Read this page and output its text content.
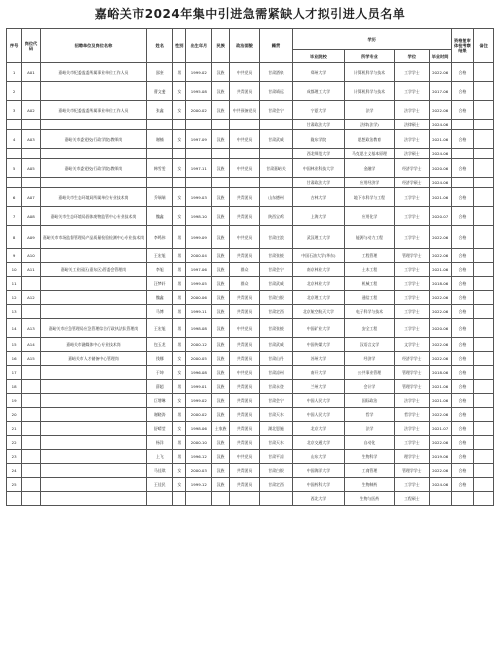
嘉峪关市2024年集中引进急需紧缺人才拟引进人员名单
序号	岗位代码	招聘单位及岗位名称	姓名	性别	出生年月	民族	政治面貌	籍贯	学历				资格复审体检考察结果	备注
									毕业院校	所学专业	学位	毕业时间		
1	A01	嘉峪关市纪委监委所属事业单位工作人员	邵奎	男	1999.02	汉族	中共党员	甘肃酒泉	郑州大学	计算机科学与技术	工学学士	2022.06	合格	
2			曹文斐	女	1995.08	汉族	共青团员	甘肃靖远	成都理工大学	计算机科学与技术	工学学士	2017.06	合格	
3	A02	嘉峪关市纪委监委所属事业单位工作人员	张鑫	女	2000.02	汉族	中共预备党员	甘肃会宁	宁夏大学	法学	法学学士	2022.06	合格	
									甘肃政法大学	法律(法学)	法律硕士	2024.06		
4	A03	嘉峪关市委党校(行政学院)教师岗	谢楠	女	1997.09	汉族	中共党员	甘肃武威	陇东学院	思想政治教育	法学学士	2021.06	合格	
									西北师范大学	马克思主义基本原理	法学硕士	2024.06		
5	A05	嘉峪关市委党校(行政学院)教师岗	韩雪雯	女	1997.11	汉族	中共党员	甘肃嘉峪关	中国林业科技大学	金融学	经济学学士	2020.06	合格	
									甘肃政法大学	应用经济学	经济学硕士	2024.06		
6	A07	嘉峪关市生态环境局所属单位专业技术岗	乔瑞瑞	女	1999.03	汉族	共青团员	山东德州	吉林大学	地下水科学与工程	工学学士	2021.06	合格	
7	A08	嘉峪关市生态环境局固体废物监管中心专业技术岗	魏鑫	女	1998.10	汉族	共青团员	陕西宝鸡	上海大学	应用化学	工学学士	2020.07	合格	
8	A09	嘉峪关市市场监督管理局产品质量检验检测中心专业技术岗	李鸣伟	男	1999.09	汉族	中共党员	甘肃庄浪	武汉理工大学	能源与动力工程	工学学士	2022.06	合格	
9	A10		王宏旭	男	2000.04	汉族	共青团员	甘肃张掖	中国石油大学(华东)	工程管理	管理学学士	2022.06	合格	
10	A11	嘉峪关工业园区(嘉东区)管委会管理岗	李旭	男	1997.06	汉族	群众	甘肃会宁	南京林业大学	土木工程	工学学士	2021.06	合格	
11			汪梦轩	男	1999.05	汉族	群众	甘肃武威	北京林业大学	机械工程	工学学士	2018.06	合格	
12	A12		魏鑫	男	2000.06	汉族	共青团员	甘肃白银	北京理工大学	通信工程	工学学士	2022.06	合格	
13			马博	男	1999.11	汉族	共青团员	甘肃定西	北京航空航天大学	电子科学与技术	工学学士	2022.06	合格	
14	A13	嘉峪关市应急管理局应急管理综合行政执法队管理岗	王宏旭	男	1998.08	汉族	中共党员	甘肃张掖	中国矿业大学	安全工程	工学学士	2020.06	合格	
15	A14	嘉峪关市融媒体中心专业技术岗	包玉龙	男	2000.12	汉族	共青团员	甘肃武威	中国传媒大学	汉语言文学	文学学士	2022.06	合格	
16	A15	嘉峪关市人才储备中心管理岗	钱娜	女	2000.05	汉族	共青团员	甘肃山丹	苏州大学	经济学	经济学学士	2022.06	合格	
17			于坤	女	1996.08	汉族	中共党员	甘肃凉州	南开大学	公共事业管理	管理学学士	2018.06	合格	
18			薛超	男	1999.01	汉族	共青团员	甘肃永登	兰州大学	会计学	管理学学士	2021.06	合格	
19			巨增琳	女	1999.02	汉族	共青团员	甘肃会宁	中国人民大学	国际政治	法学学士	2021.06	合格	
20			谢晓涛	男	2000.02	汉族	共青团员	甘肃天水	中国人民大学	哲学	哲学学士	2022.06	合格	
21			舒晴莹	女	1998.06	土家族	共青团员	湖北恩施	北京大学	法学	法学学士	2021.07	合格	
22			杨洋	男	2000.10	汉族	共青团员	甘肃天水	北京交通大学	自动化	工学学士	2022.06	合格	
23			上飞	男	1996.12	汉族	中共党员	甘肃平凉	山东大学	生物科学	理学学士	2019.06	合格	
24			马佳琪	女	2000.03	汉族	共青团员	甘肃白银	中国海洋大学	工商管理	管理学学士	2022.06	合格	
25			王佳民	女	1999.12	汉族	共青团员	甘肃定西	中国药科大学	生物制药	工学学士	2024.06	合格	
									西北大学	生物与医药	工程硕士			
